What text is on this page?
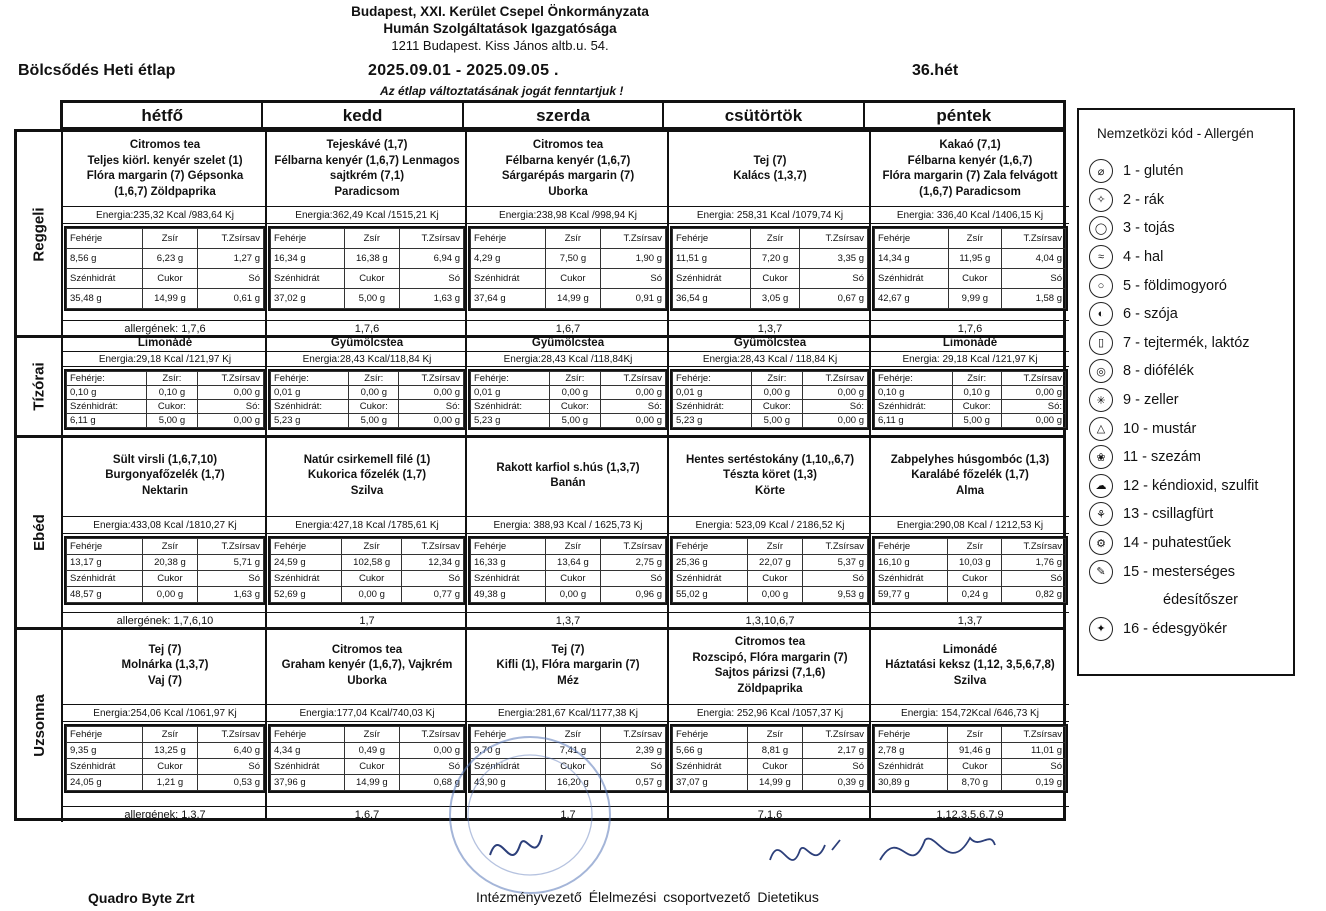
Budapest, XXI. Kerület Csepel Önkormányzata
Humán Szolgáltatások Igazgatósága
1211 Budapest. Kiss János altb.u. 54.
Bölcsődés Heti étlap	2025.09.01 - 2025.09.05 .	36.hét
Az étlap változtatásának jogát fenntartjuk !
hétfő	kedd	szerda	csütörtök	péntek
Reggeli
Citromos tea
Teljes kiörl. kenyér szelet (1)
Flóra margarin (7) Gépsonka
(1,6,7) Zöldpaprika
Energia:235,32 Kcal /983,64 Kj
Fehérje	Zsír	T.Zsírsav
8,56 g	6,23 g	1,27 g
Szénhidrát	Cukor	Só
35,48 g	14,99 g	0,61 g
allergének: 1,7,6
Tejeskávé (1,7)
Félbarna kenyér (1,6,7) Lenmagos
sajtkrém (7,1)
Paradicsom
Energia:362,49 Kcal /1515,21 Kj
Fehérje	Zsír	T.Zsírsav
16,34 g	16,38 g	6,94 g
Szénhidrát	Cukor	Só
37,02 g	5,00 g	1,63 g
1,7,6
Citromos tea
Félbarna kenyér (1,6,7)
Sárgarépás margarin (7)
Uborka
Energia:238,98 Kcal /998,94 Kj
Fehérje	Zsír	T.Zsírsav
4,29 g	7,50 g	1,90 g
Szénhidrát	Cukor	Só
37,64 g	14,99 g	0,91 g
1,6,7
Tej (7)
Kalács (1,3,7)
Energia: 258,31 Kcal /1079,74 Kj
Fehérje	Zsír	T.Zsírsav
11,51 g	7,20 g	3,35 g
Szénhidrát	Cukor	Só
36,54 g	3,05 g	0,67 g
1,3,7
Kakaó (7,1)
Félbarna kenyér (1,6,7)
Flóra margarin (7) Zala felvágott
(1,6,7) Paradicsom
Energia: 336,40 Kcal /1406,15 Kj
Fehérje	Zsír	T.Zsírsav
14,34 g	11,95 g	4,04 g
Szénhidrát	Cukor	Só
42,67 g	9,99 g	1,58 g
1,7,6
Tízórai
Limonádé
Energia:29,18 Kcal /121,97 Kj
Fehérje:	Zsír:	T.Zsírsav
0,10 g	0,10 g	0,00 g
Szénhidrát:	Cukor:	Só:
6,11 g	5,00 g	0,00 g
Gyümölcstea
Energia:28,43 Kcal/118,84 Kj
Fehérje:	Zsír:	T.Zsírsav
0,01 g	0,00 g	0,00 g
Szénhidrát:	Cukor:	Só:
5,23 g	5,00 g	0,00 g
Gyümölcstea
Energia:28,43 Kcal /118,84Kj
Fehérje:	Zsír:	T.Zsírsav
0,01 g	0,00 g	0,00 g
Szénhidrát:	Cukor:	Só:
5,23 g	5,00 g	0,00 g
Gyümölcstea
Energia:28,43 Kcal / 118,84 Kj
Fehérje:	Zsír:	T.Zsírsav
0,01 g	0,00 g	0,00 g
Szénhidrát:	Cukor:	Só:
5,23 g	5,00 g	0,00 g
Limonádé
Energia: 29,18 Kcal /121,97 Kj
Fehérje:	Zsír:	T.Zsírsav
0,10 g	0,10 g	0,00 g
Szénhidrát:	Cukor:	Só:
6,11 g	5,00 g	0,00 g
Ebéd
Sült virsli (1,6,7,10)
Burgonyafőzelék (1,7)
Nektarin
Energia:433,08 Kcal /1810,27 Kj
Fehérje	Zsír	T.Zsírsav
13,17 g	20,38 g	5,71 g
Szénhidrát	Cukor	Só
48,57 g	0,00 g	1,63 g
allergének: 1,7,6,10
Natúr csirkemell filé (1)
Kukorica főzelék (1,7)
Szilva
Energia:427,18 Kcal /1785,61 Kj
Fehérje	Zsír	T.Zsírsav
24,59 g	102,58 g	12,34 g
Szénhidrát	Cukor	Só
52,69 g	0,00 g	0,77 g
1,7
Rakott karfiol s.hús (1,3,7)
Banán
Energia: 388,93 Kcal / 1625,73 Kj
Fehérje	Zsír	T.Zsírsav
16,33 g	13,64 g	2,75 g
Szénhidrát	Cukor	Só
49,38 g	0,00 g	0,96 g
1,3,7
Hentes sertéstokány (1,10,,6,7)
Tészta köret (1,3)
Körte
Energia: 523,09 Kcal / 2186,52 Kj
Fehérje	Zsír	T.Zsírsav
25,36 g	22,07 g	5,37 g
Szénhidrát	Cukor	Só
55,02 g	0,00 g	9,53 g
1,3,10,6,7
Zabpelyhes húsgombóc (1,3)
Karalábé főzelék (1,7)
Alma
Energia:290,08 Kcal / 1212,53 Kj
Fehérje	Zsír	T.Zsírsav
16,10 g	10,03 g	1,76 g
Szénhidrát	Cukor	Só
59,77 g	0,24 g	0,82 g
1,3,7
Uzsonna
Tej (7)
Molnárka (1,3,7)
Vaj (7)
Energia:254,06 Kcal /1061,97 Kj
Fehérje	Zsír	T.Zsírsav
9,35 g	13,25 g	6,40 g
Szénhidrát	Cukor	Só
24,05 g	1,21 g	0,53 g
allergének: 1,3,7
Citromos tea
Graham kenyér (1,6,7), Vajkrém
Uborka
Energia:177,04 Kcal/740,03 Kj
Fehérje	Zsír	T.Zsírsav
4,34 g	0,49 g	0,00 g
Szénhidrát	Cukor	Só
37,96 g	14,99 g	0,68 g
1,6,7
Tej (7)
Kifli (1), Flóra margarin (7)
Méz
Energia:281,67 Kcal/1177,38 Kj
Fehérje	Zsír	T.Zsírsav
9,70 g	7,41 g	2,39 g
Szénhidrát	Cukor	Só
43,90 g	16,20 g	0,57 g
1,7
Citromos tea
Rozscipó, Flóra margarin (7)
Sajtos párizsi (7,1,6)
Zöldpaprika
Energia: 252,96 Kcal /1057,37 Kj
Fehérje	Zsír	T.Zsírsav
5,66 g	8,81 g	2,17 g
Szénhidrát	Cukor	Só
37,07 g	14,99 g	0,39 g
7,1,6
Limonádé
Háztatási keksz (1,12, 3,5,6,7,8)
Szilva
Energia: 154,72Kcal /646,73 Kj
Fehérje	Zsír	T.Zsírsav
2,78 g	91,46 g	11,01 g
Szénhidrát	Cukor	Só
30,89 g	8,70 g	0,19 g
1,12,3,5,6,7,9
Nemzetközi kód - Allergén
⌀	1 - glutén
✧	2 - rák
◯	3 - tojás
≈	4 - hal
○	5 - földimogyoró
◐	6 - szója
▯	7 - tejtermék, laktóz
◎	8 - diófélék
✳	9 - zeller
△	10 - mustár
❀	11 - szezám
☁	12 - kéndioxid, szulfit
⚘	13 - csillagfürt
⚙	14 - puhatestűek
✎	15 - mesterséges
édesítőszer
✦	16 - édesgyökér
Quadro Byte Zrt	Intézményvezető Élelmezési csoportvezető Dietetikus
